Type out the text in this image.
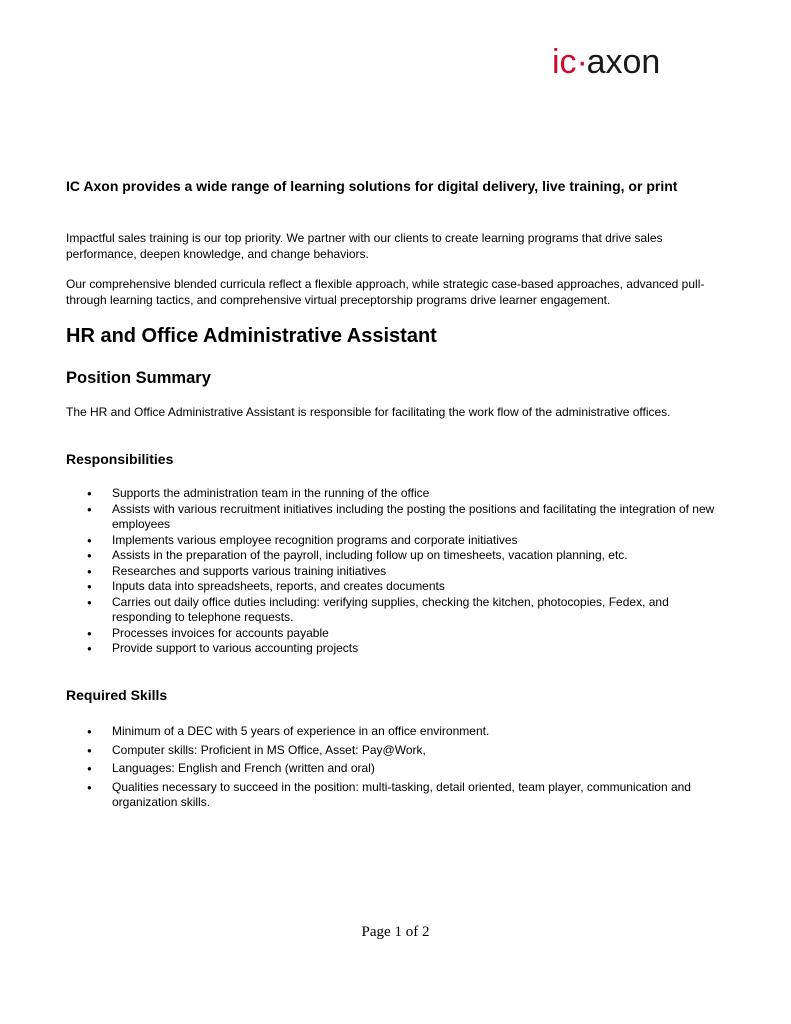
ic·axon
IC Axon provides a wide range of learning solutions for digital delivery, live training, or print

Impactful sales training is our top priority. We partner with our clients to create learning programs that drive sales performance, deepen knowledge, and change behaviors.

Our comprehensive blended curricula reflect a flexible approach, while strategic case-based approaches, advanced pull-through learning tactics, and comprehensive virtual preceptorship programs drive learner engagement.

HR and Office Administrative Assistant
Position Summary

The HR and Office Administrative Assistant is responsible for facilitating the work flow of the administrative offices.

Responsibilities
● Supports the administration team in the running of the office
● Assists with various recruitment initiatives including the posting the positions and facilitating the integration of new employees
● Implements various employee recognition programs and corporate initiatives
● Assists in the preparation of the payroll, including follow up on timesheets, vacation planning, etc.
● Researches and supports various training initiatives
● Inputs data into spreadsheets, reports, and creates documents
● Carries out daily office duties including: verifying supplies, checking the kitchen, photocopies, Fedex, and responding to telephone requests.
● Processes invoices for accounts payable
● Provide support to various accounting projects
Required Skills
● Minimum of a DEC with 5 years of experience in an office environment.
● Computer skills: Proficient in MS Office, Asset: Pay@Work,
● Languages: English and French (written and oral)
● Qualities necessary to succeed in the position: multi-tasking, detail oriented, team player, communication and organization skills.
Page 1 of 2
